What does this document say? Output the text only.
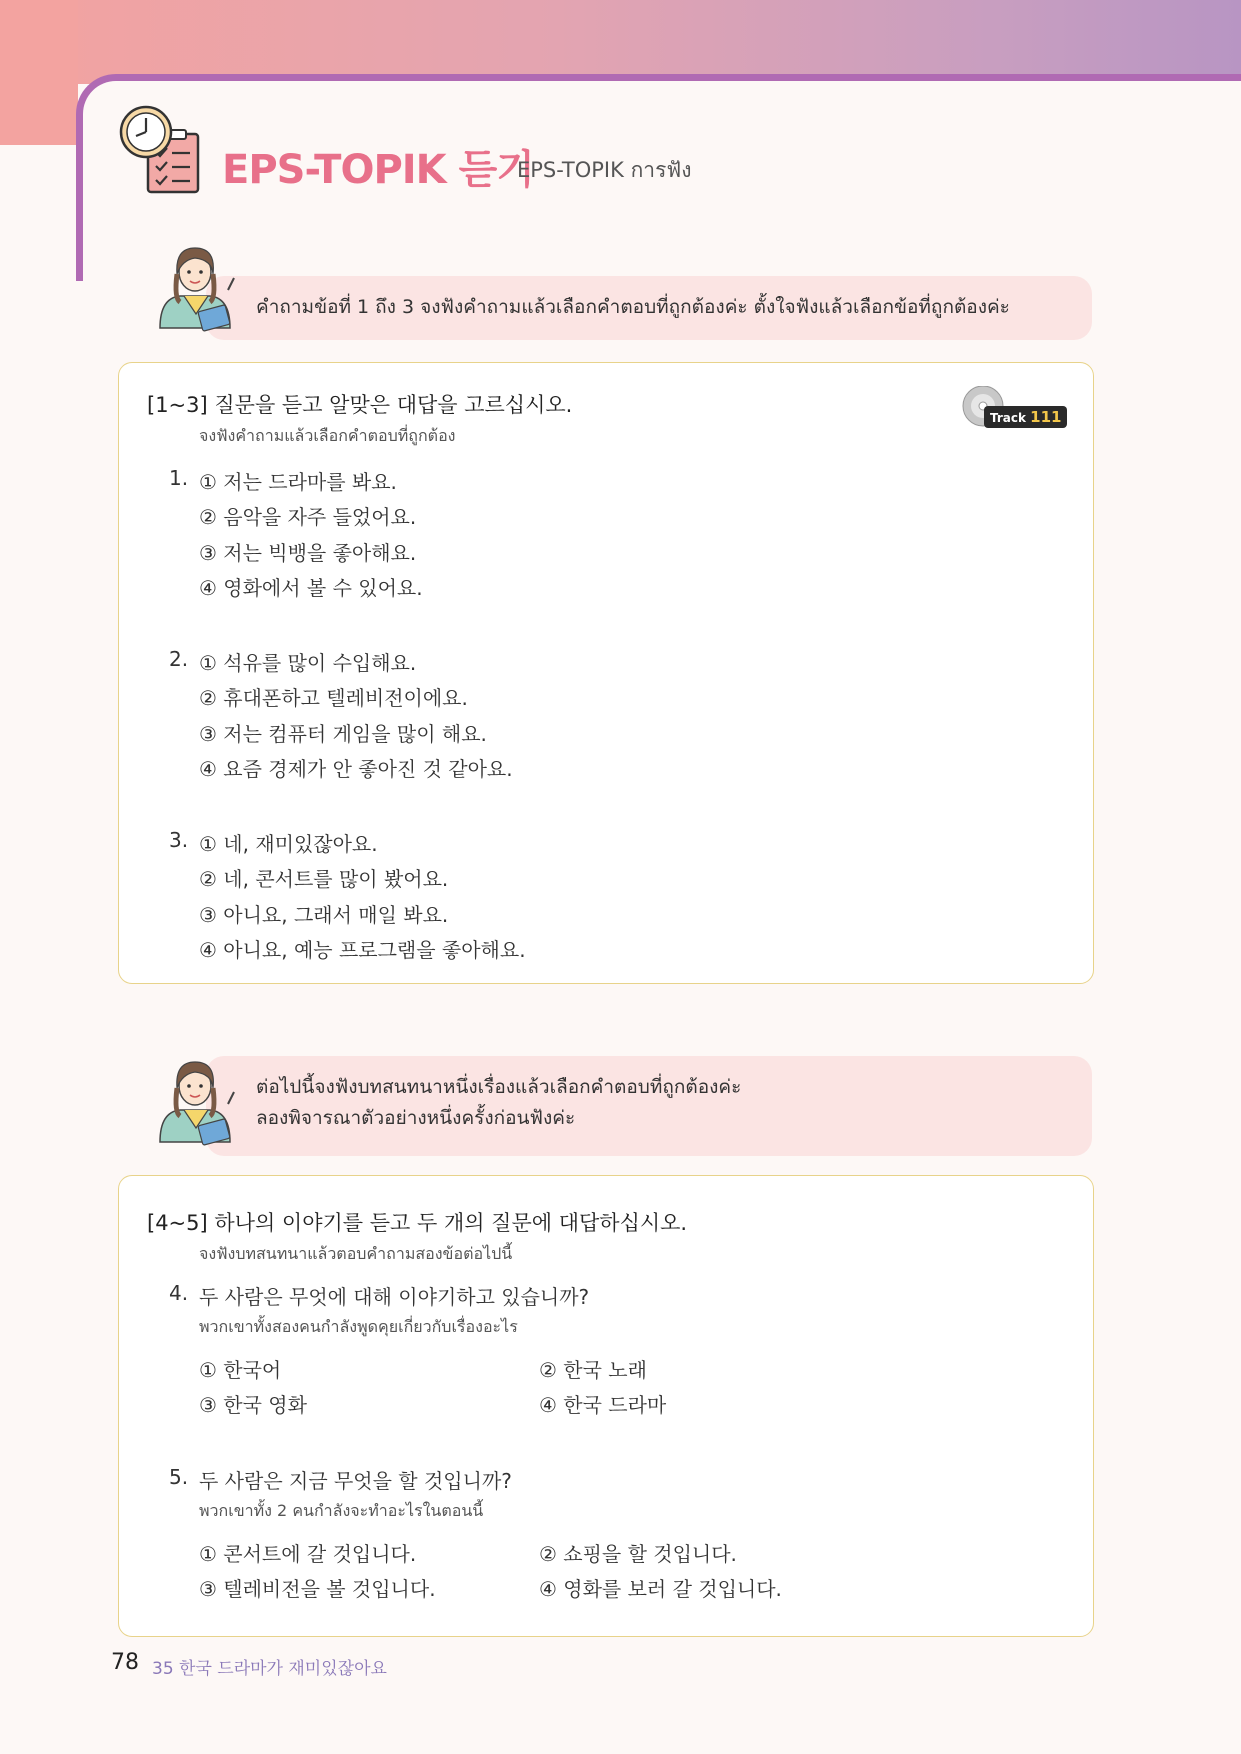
EPS-TOPIK 듣기
EPS-TOPIK การฟัง
คำถามข้อที่ 1 ถึง 3 จงฟังคำถามแล้วเลือกคำตอบที่ถูกต้องค่ะ ตั้งใจฟังแล้วเลือกข้อที่ถูกต้องค่ะ
[1~3] 질문을 듣고 알맞은 대답을 고르십시오.
จงฟังคำถามแล้วเลือกคำตอบที่ถูกต้อง
Track 111
1. ① 저는 드라마를 봐요.
② 음악을 자주 들었어요.
③ 저는 빅뱅을 좋아해요.
④ 영화에서 볼 수 있어요.
2. ① 석유를 많이 수입해요.
② 휴대폰하고 텔레비전이에요.
③ 저는 컴퓨터 게임을 많이 해요.
④ 요즘 경제가 안 좋아진 것 같아요.
3. ① 네, 재미있잖아요.
② 네, 콘서트를 많이 봤어요.
③ 아니요, 그래서 매일 봐요.
④ 아니요, 예능 프로그램을 좋아해요.
ต่อไปนี้จงฟังบทสนทนาหนึ่งเรื่องแล้วเลือกคำตอบที่ถูกต้องค่ะ
ลองพิจารณาตัวอย่างหนึ่งครั้งก่อนฟังค่ะ
[4~5] 하나의 이야기를 듣고 두 개의 질문에 대답하십시오.
จงฟังบทสนทนาแล้วตอบคำถามสองข้อต่อไปนี้
4. 두 사람은 무엇에 대해 이야기하고 있습니까?
พวกเขาทั้งสองคนกำลังพูดคุยเกี่ยวกับเรื่องอะไร
① 한국어	② 한국 노래
③ 한국 영화	④ 한국 드라마
5. 두 사람은 지금 무엇을 할 것입니까?
พวกเขาทั้ง 2 คนกำลังจะทำอะไรในตอนนี้
① 콘서트에 갈 것입니다.	② 쇼핑을 할 것입니다.
③ 텔레비전을 볼 것입니다.	④ 영화를 보러 갈 것입니다.
78 35 한국 드라마가 재미있잖아요
